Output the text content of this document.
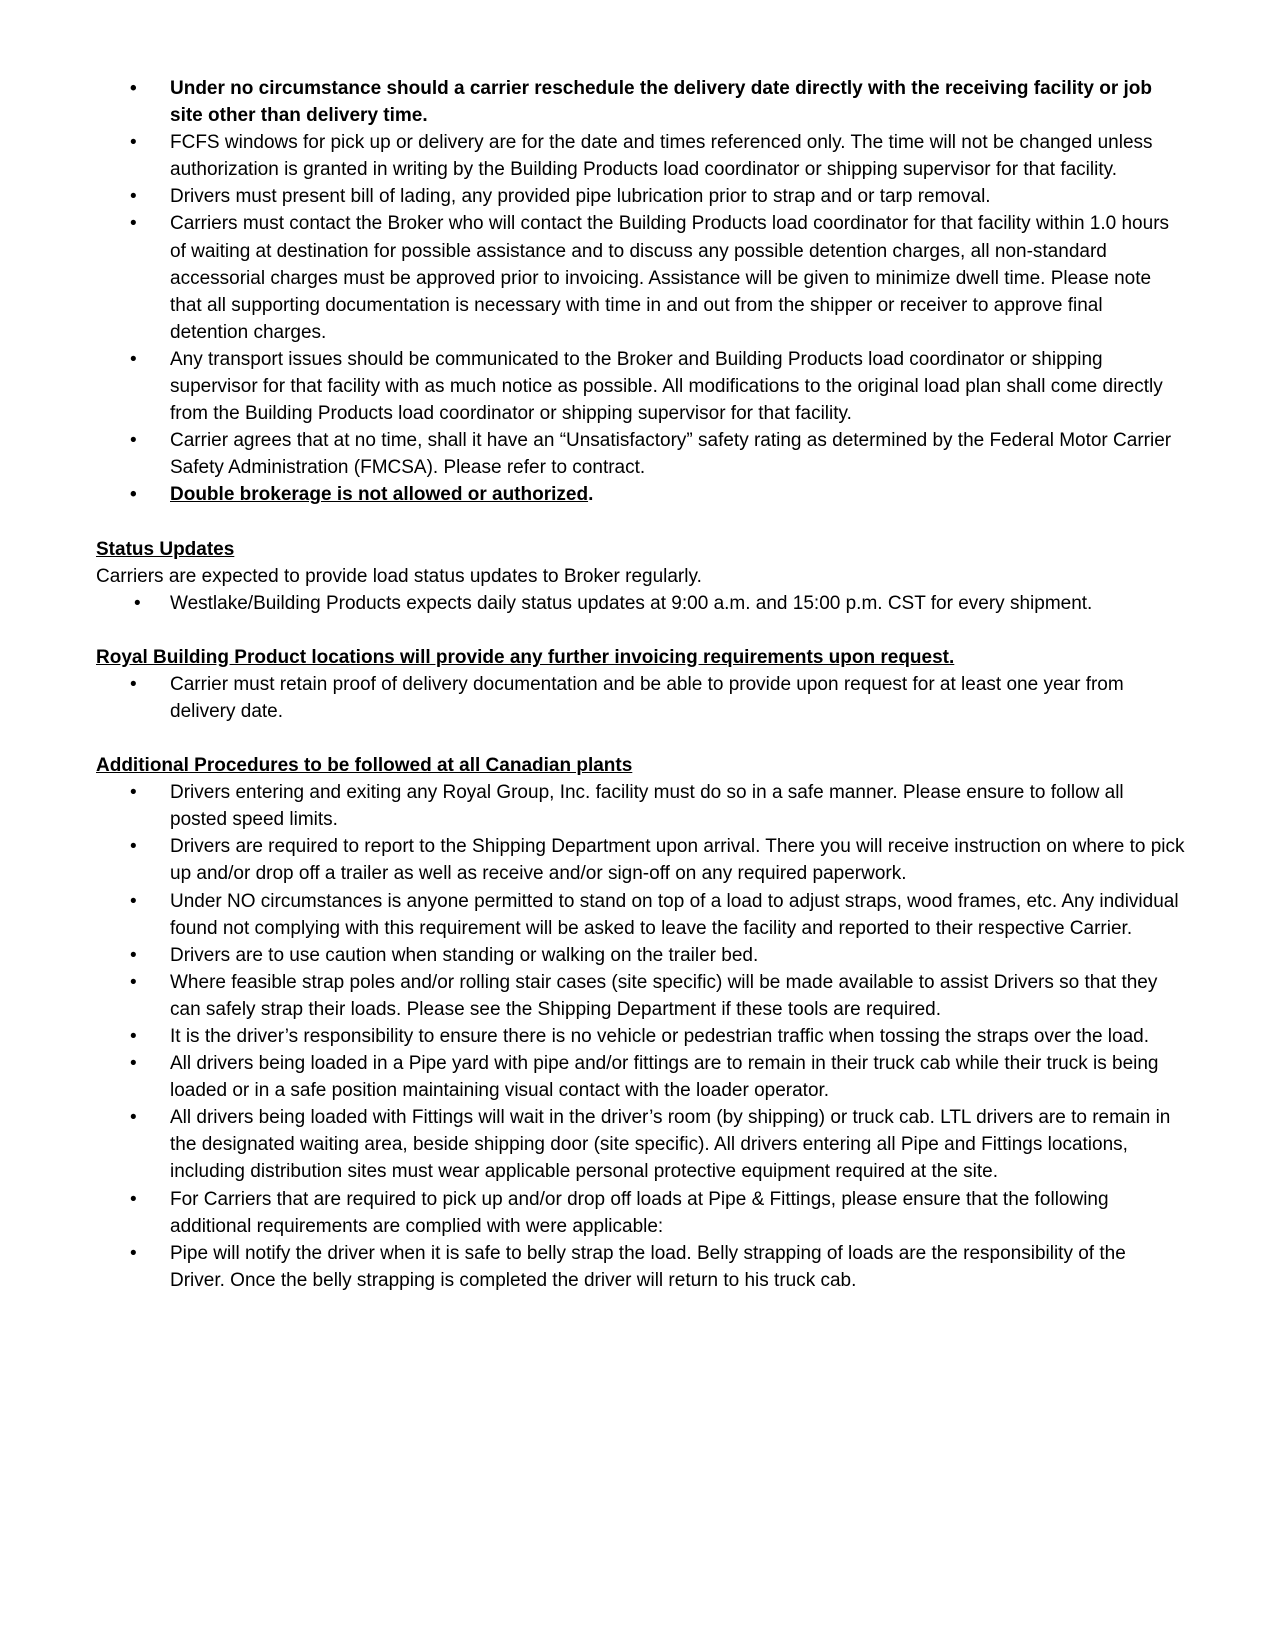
• Under no circumstance should a carrier reschedule the delivery date directly with the receiving facility or job site other than delivery time.
• FCFS windows for pick up or delivery are for the date and times referenced only. The time will not be changed unless authorization is granted in writing by the Building Products load coordinator or shipping supervisor for that facility.
• Drivers must present bill of lading, any provided pipe lubrication prior to strap and or tarp removal.
• Carriers must contact the Broker who will contact the Building Products load coordinator for that facility within 1.0 hours of waiting at destination for possible assistance and to discuss any possible detention charges, all non-standard accessorial charges must be approved prior to invoicing. Assistance will be given to minimize dwell time. Please note that all supporting documentation is necessary with time in and out from the shipper or receiver to approve final detention charges.
• Any transport issues should be communicated to the Broker and Building Products load coordinator or shipping supervisor for that facility with as much notice as possible. All modifications to the original load plan shall come directly from the Building Products load coordinator or shipping supervisor for that facility.
• Carrier agrees that at no time, shall it have an “Unsatisfactory” safety rating as determined by the Federal Motor Carrier Safety Administration (FMCSA). Please refer to contract.
• Double brokerage is not allowed or authorized.
Status Updates

Carriers are expected to provide load status updates to Broker regularly.

• Westlake/Building Products expects daily status updates at 9:00 a.m. and 15:00 p.m. CST for every shipment.
Royal Building Product locations will provide any further invoicing requirements upon request.
• Carrier must retain proof of delivery documentation and be able to provide upon request for at least one year from delivery date.
Additional Procedures to be followed at all Canadian plants
• Drivers entering and exiting any Royal Group, Inc. facility must do so in a safe manner. Please ensure to follow all posted speed limits.
• Drivers are required to report to the Shipping Department upon arrival. There you will receive instruction on where to pick up and/or drop off a trailer as well as receive and/or sign-off on any required paperwork.
• Under NO circumstances is anyone permitted to stand on top of a load to adjust straps, wood frames, etc. Any individual found not complying with this requirement will be asked to leave the facility and reported to their respective Carrier.
• Drivers are to use caution when standing or walking on the trailer bed.
• Where feasible strap poles and/or rolling stair cases (site specific) will be made available to assist Drivers so that they can safely strap their loads. Please see the Shipping Department if these tools are required.
• It is the driver’s responsibility to ensure there is no vehicle or pedestrian traffic when tossing the straps over the load.
• All drivers being loaded in a Pipe yard with pipe and/or fittings are to remain in their truck cab while their truck is being loaded or in a safe position maintaining visual contact with the loader operator.
• All drivers being loaded with Fittings will wait in the driver’s room (by shipping) or truck cab. LTL drivers are to remain in the designated waiting area, beside shipping door (site specific). All drivers entering all Pipe and Fittings locations, including distribution sites must wear applicable personal protective equipment required at the site.
• For Carriers that are required to pick up and/or drop off loads at Pipe & Fittings, please ensure that the following additional requirements are complied with were applicable:
• Pipe will notify the driver when it is safe to belly strap the load. Belly strapping of loads are the responsibility of the Driver. Once the belly strapping is completed the driver will return to his truck cab.
